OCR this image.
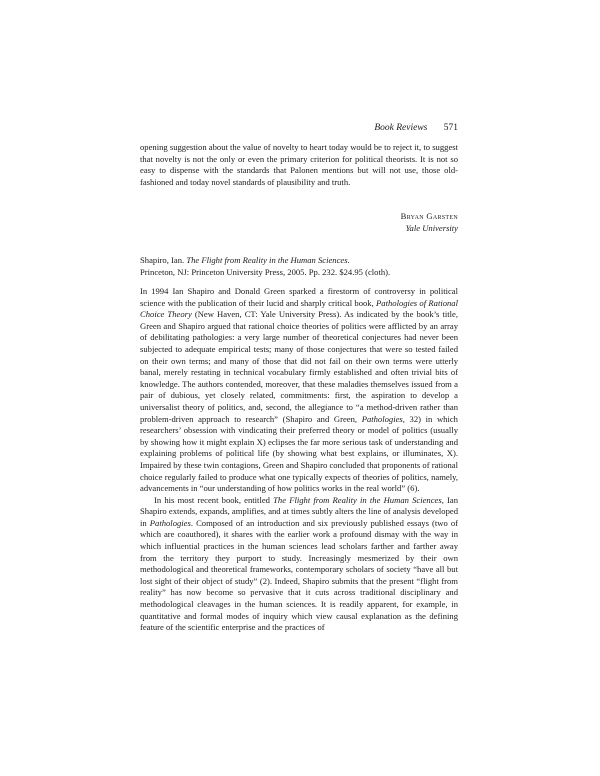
Book Reviews 571

opening suggestion about the value of novelty to heart today would be to reject it, to suggest that novelty is not the only or even the primary criterion for political theorists. It is not so easy to dispense with the standards that Palonen mentions but will not use, those old-fashioned and today novel standards of plausibility and truth.

Bryan Garsten
Yale University
Shapiro, Ian. The Flight from Reality in the Human Sciences.
Princeton, NJ: Princeton University Press, 2005. Pp. 232. $24.95 (cloth).

In 1994 Ian Shapiro and Donald Green sparked a firestorm of controversy in political science with the publication of their lucid and sharply critical book, Pathologies of Rational Choice Theory (New Haven, CT: Yale University Press). As indicated by the book’s title, Green and Shapiro argued that rational choice theories of politics were afflicted by an array of debilitating pathologies: a very large number of theoretical conjectures had never been subjected to adequate empirical tests; many of those conjectures that were so tested failed on their own terms; and many of those that did not fail on their own terms were utterly banal, merely restating in technical vocabulary firmly established and often trivial bits of knowledge. The authors contended, moreover, that these maladies themselves issued from a pair of dubious, yet closely related, commitments: first, the aspiration to develop a universalist theory of politics, and, second, the allegiance to “a method-driven rather than problem-driven approach to research” (Shapiro and Green, Pathologies, 32) in which researchers’ obsession with vindicating their preferred theory or model of politics (usually by showing how it might explain X) eclipses the far more serious task of understanding and explaining problems of political life (by showing what best explains, or illuminates, X). Impaired by these twin contagions, Green and Shapiro concluded that proponents of rational choice regularly failed to produce what one typically expects of theories of politics, namely, advancements in “our understanding of how politics works in the real world” (6).

In his most recent book, entitled The Flight from Reality in the Human Sciences, Ian Shapiro extends, expands, amplifies, and at times subtly alters the line of analysis developed in Pathologies. Composed of an introduction and six previously published essays (two of which are coauthored), it shares with the earlier work a profound dismay with the way in which influential practices in the human sciences lead scholars farther and farther away from the territory they purport to study. Increasingly mesmerized by their own methodological and theoretical frameworks, contemporary scholars of society “have all but lost sight of their object of study” (2). Indeed, Shapiro submits that the present “flight from reality” has now become so pervasive that it cuts across traditional disciplinary and methodological cleavages in the human sciences. It is readily apparent, for example, in quantitative and formal modes of inquiry which view causal explanation as the defining feature of the scientific enterprise and the practices of
